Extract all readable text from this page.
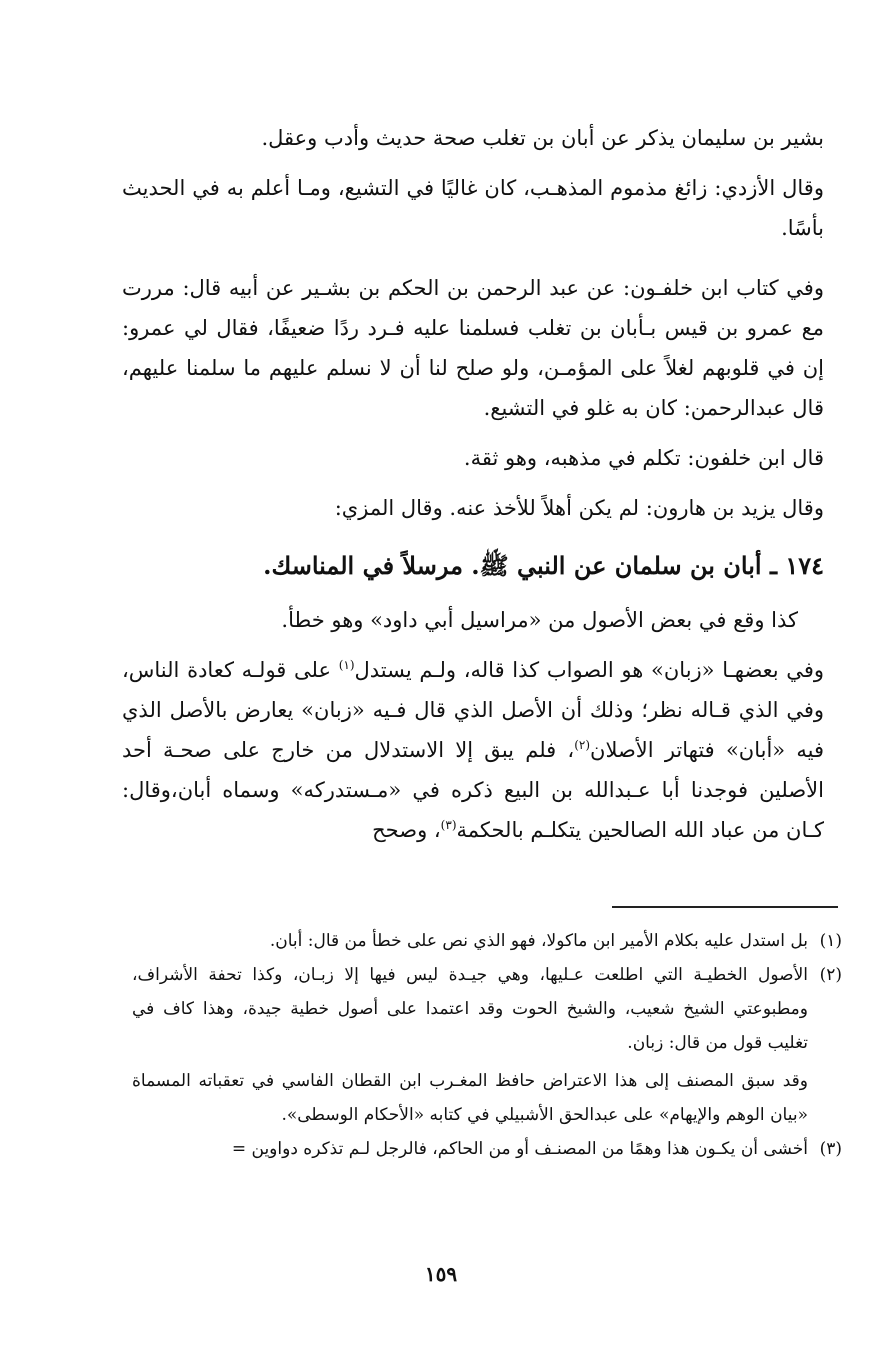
بشير بن سليمان يذكر عن أبان بن تغلب صحة حديث وأدب وعقل.

وقال الأزدي: زائغ مذموم المذهـب، كان غاليًا في التشيع، ومـا أعلم به في الحديث بأسًا.

وفي كتاب ابن خلفـون: عن عبد الرحمن بن الحكم بن بشـير عن أبيه قال: مررت مع عمرو بن قيس بـأبان بن تغلب فسلمنا عليه فـرد ردًا ضعيفًا، فقال لي عمرو: إن في قلوبهم لغلاً على المؤمـن، ولو صلح لنا أن لا نسلم عليهم ما سلمنا عليهم، قال عبدالرحمن: كان به غلو في التشيع.

قال ابن خلفون: تكلم في مذهبه، وهو ثقة.

وقال يزيد بن هارون: لم يكن أهلاً للأخذ عنه. وقال المزي:

١٧٤ ـ أبان بن سلمان عن النبي ﷺ. مرسلاً في المناسك.

كذا وقع في بعض الأصول من «مراسيل أبي داود» وهو خطأ.

وفي بعضهـا «زبان» هو الصواب كذا قاله، ولـم يستدل$^{(١)}$ على قولـه كعادة الناس، وفي الذي قـاله نظر؛ وذلك أن الأصل الذي قال فـيه «زبان» يعارض بالأصل الذي فيه «أبان» فتهاتر الأصلان$^{(٢)}$، فلم يبق إلا الاستدلال من خارج على صحـة أحد الأصلين فوجدنا أبا عـبدالله بن البيع ذكره في «مـستدركه» وسماه أبان،وقال: كـان من عباد الله الصالحين يتكلـم بالحكمة$^{(٣)}$، وصحح

(١)
بل استدل عليه بكلام الأمير ابن ماكولا، فهو الذي نص على خطأ من قال: أبان.
(٢)
الأصول الخطيـة التي اطلعت عـليها، وهي جيـدة ليس فيها إلا زبـان، وكذا تحفة الأشراف، ومطبوعتي الشيخ شعيب، والشيخ الحوت وقد اعتمدا على أصول خطية جيدة، وهذا كاف في تغليب قول من قال: زبان.
وقد سبق المصنف إلى هذا الاعتراض حافظ المغـرب ابن القطان الفاسي في تعقباته المسماة «بيان الوهم والإيهام» على عبدالحق الأشبيلي في كتابه «الأحكام الوسطى».
(٣)
أخشى أن يكـون هذا وهمًا من المصنـف أو من الحاكم، فالرجل لـم تذكره دواوين =
١٥٩
